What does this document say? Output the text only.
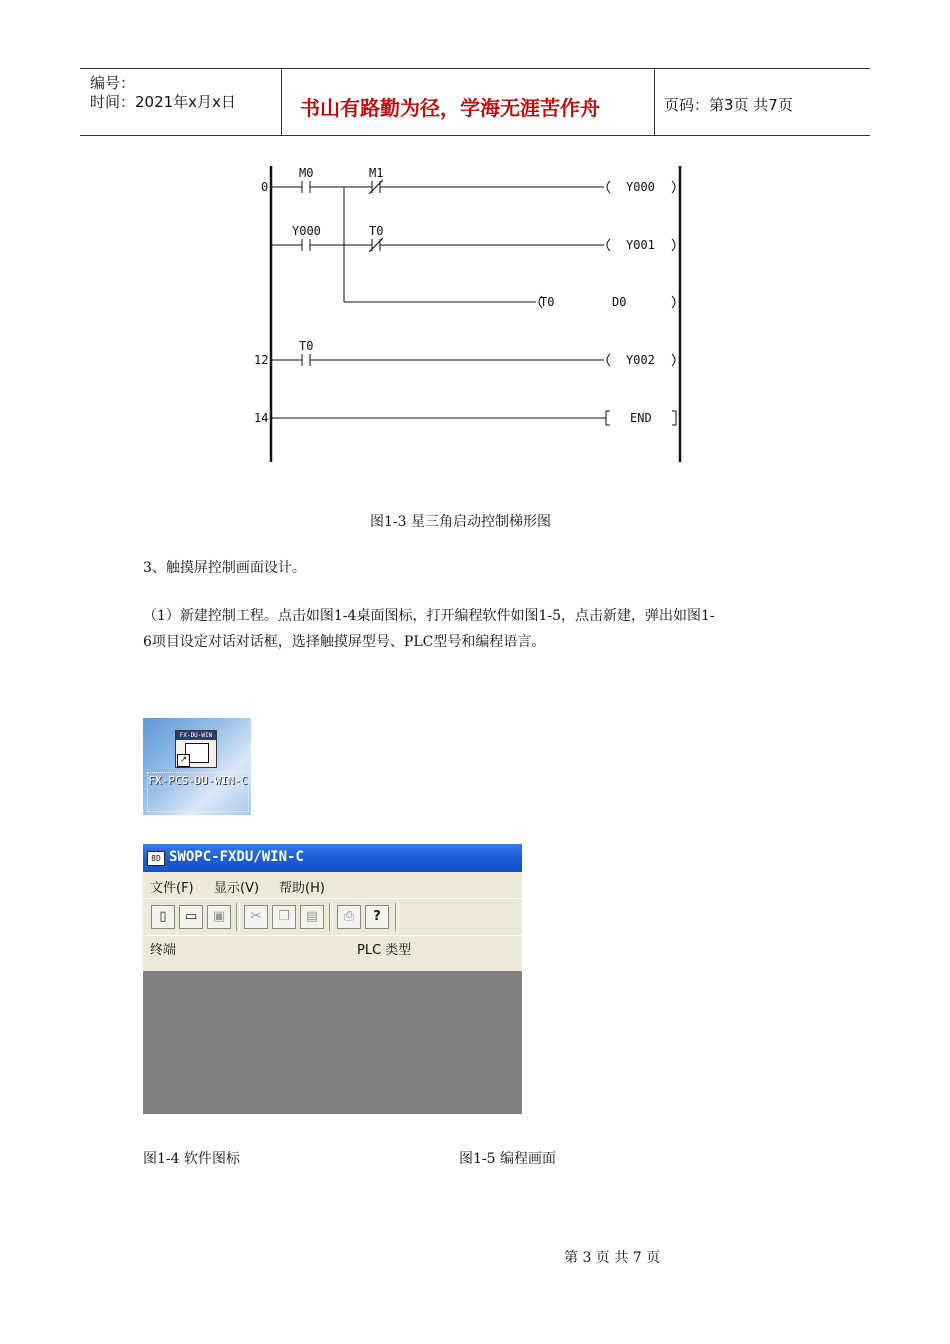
编号：
时间：2021年x月x日	书山有路勤为径，学海无涯苦作舟	页码：第3页 共7页
0
12
14
M0	M1
Y000	T0
T0
Y000
Y001
T0	D0
Y002
END
图1-3 星三角启动控制梯形图
3、触摸屏控制画面设计。
（1）新建控制工程。点击如图1-4桌面图标，打开编程软件如图1-5，点击新建，弹出如图1-
6项目设定对话对话框，选择触摸屏型号、PLC型号和编程语言。
FX-DU-WIN
↗
FX-PCS-DU-WIN-C
8D SWOPC-FXDU/WIN-C
文件(F) 显示(V) 帮助(H)
▯	▭	▣	✂	❐	▤	⎙	?
终端	PLC 类型
图1-4 软件图标	图1-5 编程画面
第 3 页 共 7 页
